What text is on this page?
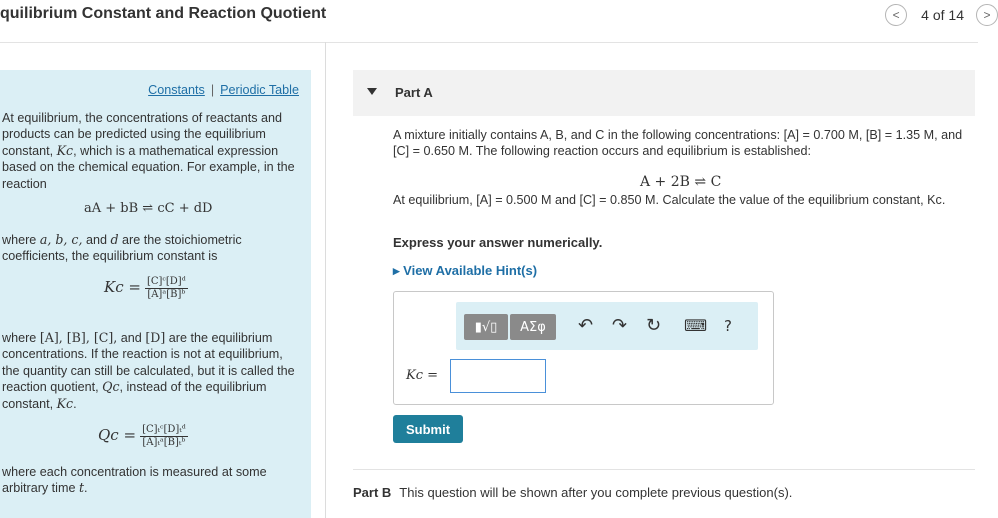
quilibrium Constant and Reaction Quotient	< 4 of 14 >
Constants | Periodic Table
At equilibrium, the concentrations of reactants and products can be predicted using the equilibrium constant, Kc, which is a mathematical expression based on the chemical equation. For example, in the reaction
aA + bB ⇌ cC + dD
where a, b, c, and d are the stoichiometric coefficients, the equilibrium constant is
$Kc = \frac{\text{[C]ᶜ[D]ᵈ}}{\text{[A]ᵃ[B]ᵇ}}$
where [A], [B], [C], and [D] are the equilibrium concentrations. If the reaction is not at equilibrium, the quantity can still be calculated, but it is called the reaction quotient, Qc, instead of the equilibrium constant, Kc.
$Qc = \frac{\text{[C]ₜᶜ[D]ₜᵈ}}{\text{[A]ₜᵃ[B]ₜᵇ}}$
where each concentration is measured at some arbitrary time t.
Part A
A mixture initially contains A, B, and C in the following concentrations: [A] = 0.700 M, [B] = 1.35 M, and [C] = 0.650 M. The following reaction occurs and equilibrium is established:
A + 2B ⇌ C
At equilibrium, [A] = 0.500 M and [C] = 0.850 M. Calculate the value of the equilibrium constant, Kc.
Express your answer numerically.
▸ View Available Hint(s)
▮√▯ ΑΣφ ↶ ↷ ↻ ⌨ ?
Kc =
Submit
Part B This question will be shown after you complete previous question(s).
